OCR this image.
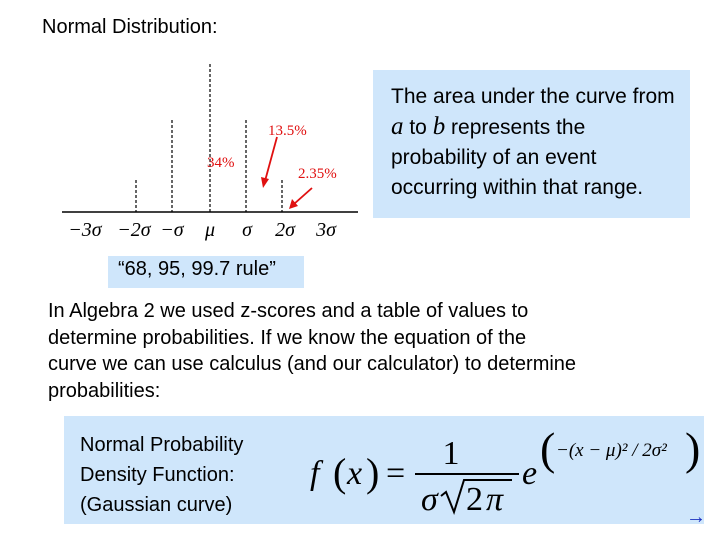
Normal Distribution:
13.5%
34%
2.35%
−3σ −2σ −σ μ σ 2σ 3σ
The area under the curve from
a to b represents the
probability of an event
occurring within that range.
“68, 95, 99.7 rule”
In Algebra 2 we used z-scores and a table of values to
determine probabilities. If we know the equation of the
curve we can use calculus (and our calculator) to determine
probabilities:
Normal Probability
Density Function:
(Gaussian curve)
f ( x ) =
1
σ 2 π
e ( −(x − μ)² / 2σ² )
→
